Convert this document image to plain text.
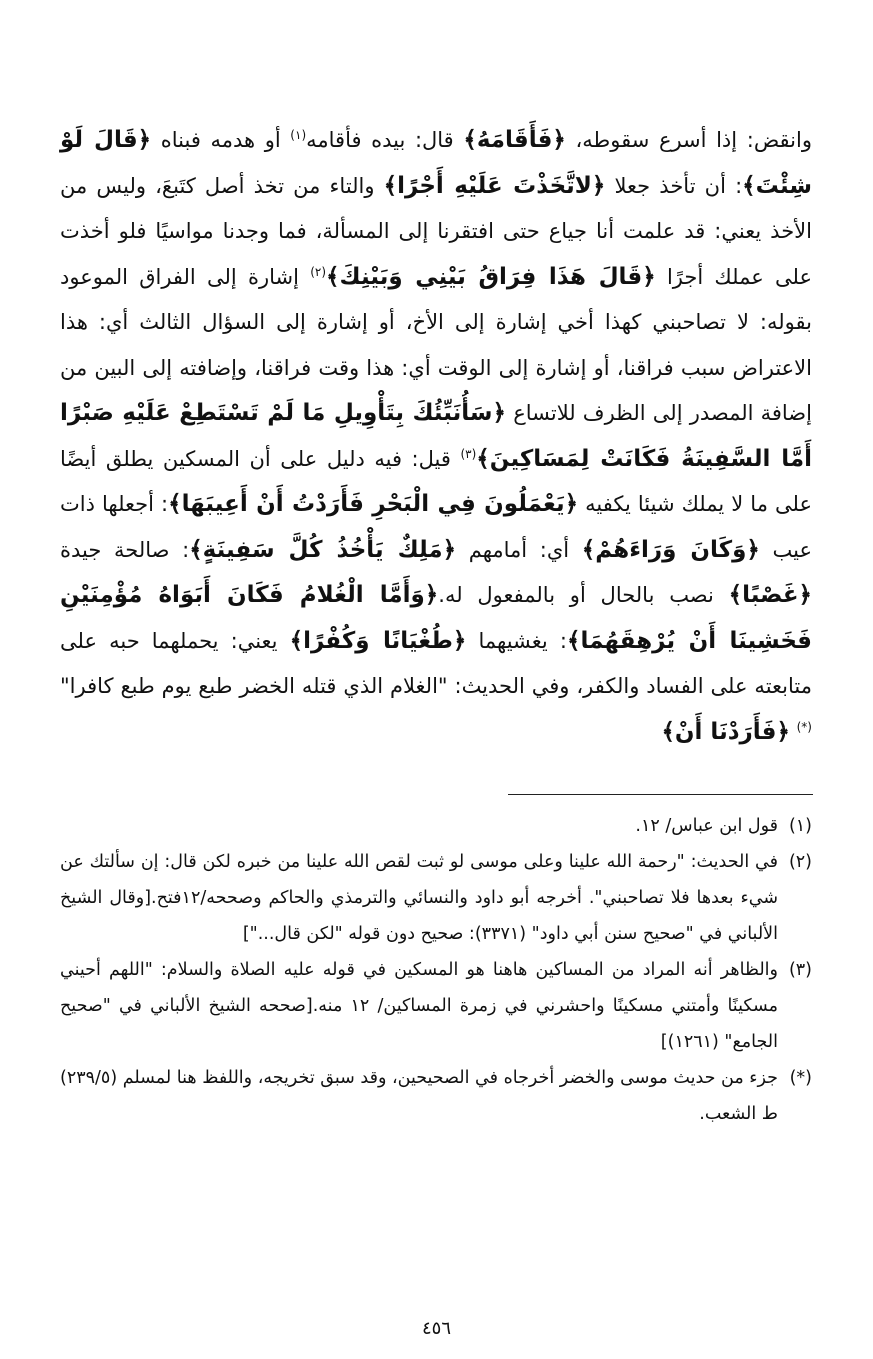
وانقض: إذا أسرع سقوطه، ﴿فَأَقَامَهُ﴾ قال: بيده فأقامه$^{(١)}$ أو هدمه فبناه ﴿قَالَ لَوْ شِئْتَ﴾: أن تأخذ جعلا ﴿لاتَّخَذْتَ عَلَيْهِ أَجْرًا﴾ والتاء من تخذ أصل كتَبعَ، وليس من الأخذ يعني: قد علمت أنا جياع حتى افتقرنا إلى المسألة، فما وجدنا مواسيًا فلو أخذت على عملك أجرًا ﴿قَالَ هَذَا فِرَاقُ بَيْنِي وَبَيْنِكَ﴾$^{(٢)}$ إشارة إلى الفراق الموعود بقوله: لا تصاحبني كهذا أخي إشارة إلى الأخ، أو إشارة إلى السؤال الثالث أي: هذا الاعتراض سبب فراقنا، أو إشارة إلى الوقت أي: هذا وقت فراقنا، وإضافته إلى البين من إضافة المصدر إلى الظرف للاتساع ﴿سَأُنَبِّئُكَ بِتَأْوِيلِ مَا لَمْ تَسْتَطِعْ عَلَيْهِ صَبْرًا أَمَّا السَّفِينَةُ فَكَانَتْ لِمَسَاكِينَ﴾$^{(٣)}$ قيل: فيه دليل على أن المسكين يطلق أيضًا على ما لا يملك شيئا يكفيه ﴿يَعْمَلُونَ فِي الْبَحْرِ فَأَرَدْتُ أَنْ أَعِيبَهَا﴾: أجعلها ذات عيب ﴿وَكَانَ وَرَاءَهُمْ﴾ أي: أمامهم ﴿مَلِكٌ يَأْخُذُ كُلَّ سَفِينَةٍ﴾: صالحة جيدة ﴿غَصْبًا﴾ نصب بالحال أو بالمفعول له.﴿وَأَمَّا الْغُلامُ فَكَانَ أَبَوَاهُ مُؤْمِنَيْنِ فَخَشِينَا أَنْ يُرْهِقَهُمَا﴾: يغشيهما ﴿طُغْيَانًا وَكُفْرًا﴾ يعني: يحملهما حبه على متابعته على الفساد والكفر، وفي الحديث: "الغلام الذي قتله الخضر طبع يوم طبع كافرا"(*) ﴿فَأَرَدْنَا أَنْ﴾

(١)
قول ابن عباس/ ١٢.
(٢)
في الحديث: "رحمة الله علينا وعلى موسى لو ثبت لقص الله علينا من خبره لكن قال: إن سألتك عن شيء بعدها فلا تصاحبني". أخرجه أبو داود والنسائي والترمذي والحاكم وصححه/١٢فتح.[وقال الشيخ الألباني في "صحيح سنن أبي داود" (٣٣٧١): صحيح دون قوله "لكن قال..."]
(٣)
والظاهر أنه المراد من المساكين هاهنا هو المسكين في قوله عليه الصلاة والسلام: "اللهم أحيني مسكينًا وأمتني مسكينًا واحشرني في زمرة المساكين/ ١٢ منه.[صححه الشيخ الألباني في "صحيح الجامع" (١٢٦١)]
(*)
جزء من حديث موسى والخضر أخرجاه في الصحيحين، وقد سبق تخريجه، واللفظ هنا لمسلم (٢٣٩/٥) ط الشعب.
٤٥٦
